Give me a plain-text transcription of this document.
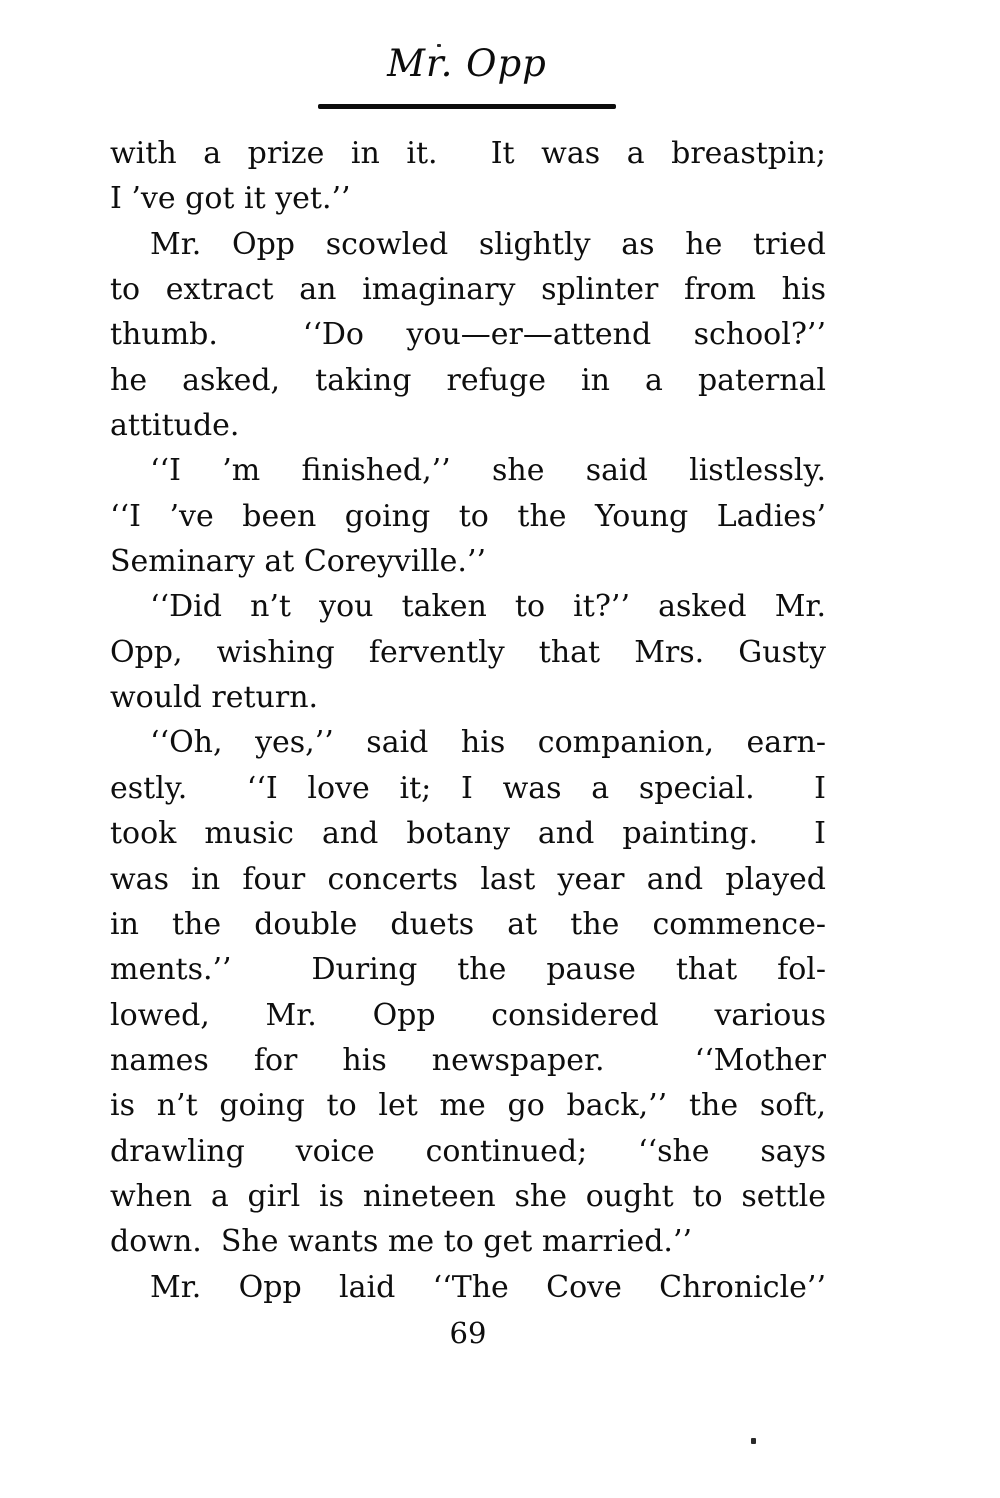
Mr. Opp
with a prize in it.  It was a breastpin;
I ’ve got it yet.’’
Mr. Opp scowled slightly as he tried
to extract an imaginary splinter from his
thumb.  ‘‘Do you—er—attend school?’’
he asked, taking refuge in a paternal
attitude.
‘‘I ’m finished,’’ she said listlessly.
‘‘I ’ve been going to the Young Ladies’
Seminary at Coreyville.’’
‘‘Did n’t you taken to it?’’ asked Mr.
Opp, wishing fervently that Mrs. Gusty
would return.
‘‘Oh, yes,’’ said his companion, earn-
estly.  ‘‘I love it; I was a special.  I
took music and botany and painting.  I
was in four concerts last year and played
in the double duets at the commence-
ments.’’  During the pause that fol-
lowed, Mr. Opp considered various
names for his newspaper.  ‘‘Mother
is n’t going to let me go back,’’ the soft,
drawling voice continued; ‘‘she says
when a girl is nineteen she ought to settle
down.  She wants me to get married.’’
Mr. Opp laid ‘‘The Cove Chronicle’’
69
